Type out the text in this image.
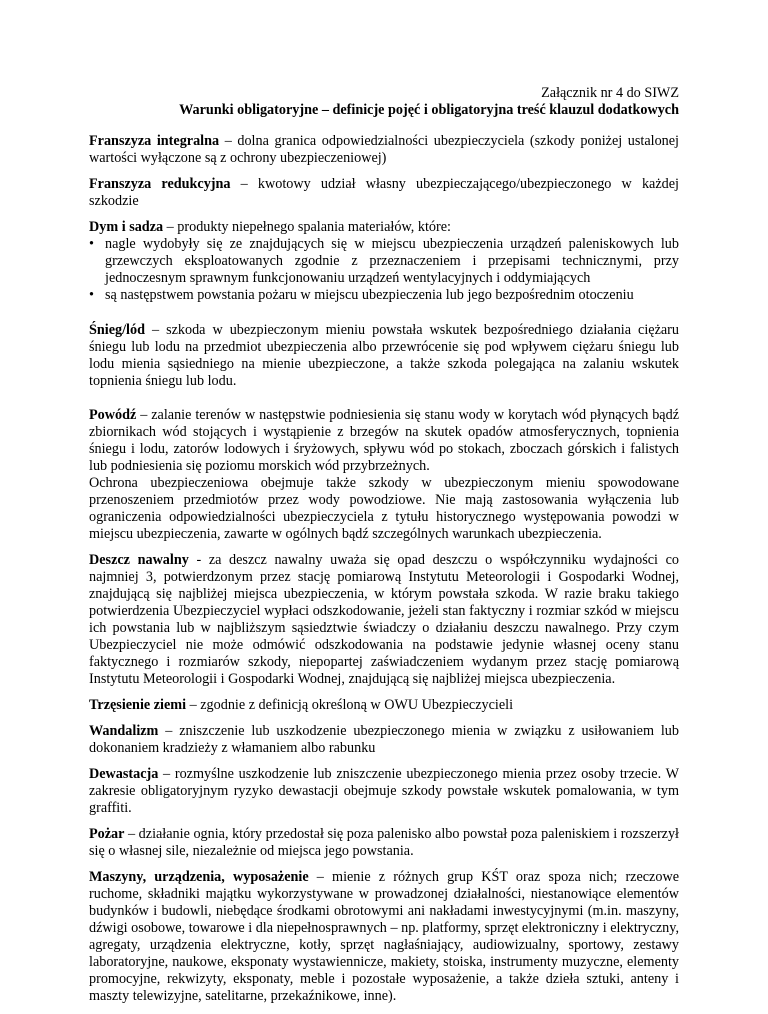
Załącznik nr 4 do SIWZ

Warunki obligatoryjne – definicje pojęć i obligatoryjna treść klauzul dodatkowych

Franszyza integralna – dolna granica odpowiedzialności ubezpieczyciela (szkody poniżej ustalonej wartości wyłączone są z ochrony ubezpieczeniowej)

Franszyza redukcyjna – kwotowy udział własny ubezpieczającego/ubezpieczonego w każdej szkodzie

Dym i sadza – produkty niepełnego spalania materiałów, które:

• nagle wydobyły się ze znajdujących się w miejscu ubezpieczenia urządzeń paleniskowych lub grzewczych eksploatowanych zgodnie z przeznaczeniem i przepisami technicznymi, przy jednoczesnym sprawnym funkcjonowaniu urządzeń wentylacyjnych i oddymiających
• są następstwem powstania pożaru w miejscu ubezpieczenia lub jego bezpośrednim otoczeniu

Śnieg/lód – szkoda w ubezpieczonym mieniu powstała wskutek bezpośredniego działania ciężaru śniegu lub lodu na przedmiot ubezpieczenia albo przewrócenie się pod wpływem ciężaru śniegu lub lodu mienia sąsiedniego na mienie ubezpieczone, a także szkoda polegająca na zalaniu wskutek topnienia śniegu lub lodu.

Powódź – zalanie terenów w następstwie podniesienia się stanu wody w korytach wód płynących bądź zbiornikach wód stojących i wystąpienie z brzegów na skutek opadów atmosferycznych, topnienia śniegu i lodu, zatorów lodowych i śryżowych, spływu wód po stokach, zboczach górskich i falistych lub podniesienia się poziomu morskich wód przybrzeżnych.

Ochrona ubezpieczeniowa obejmuje także szkody w ubezpieczonym mieniu spowodowane przenoszeniem przedmiotów przez wody powodziowe. Nie mają zastosowania wyłączenia lub ograniczenia odpowiedzialności ubezpieczyciela z tytułu historycznego występowania powodzi w miejscu ubezpieczenia, zawarte w ogólnych bądź szczególnych warunkach ubezpieczenia.

Deszcz nawalny - za deszcz nawalny uważa się opad deszczu o współczynniku wydajności co najmniej 3, potwierdzonym przez stację pomiarową Instytutu Meteorologii i Gospodarki Wodnej, znajdującą się najbliżej miejsca ubezpieczenia, w którym powstała szkoda. W razie braku takiego potwierdzenia Ubezpieczyciel wypłaci odszkodowanie, jeżeli stan faktyczny i rozmiar szkód w miejscu ich powstania lub w najbliższym sąsiedztwie świadczy o działaniu deszczu nawalnego. Przy czym Ubezpieczyciel nie może odmówić odszkodowania na podstawie jedynie własnej oceny stanu faktycznego i rozmiarów szkody, niepopartej zaświadczeniem wydanym przez stację pomiarową Instytutu Meteorologii i Gospodarki Wodnej, znajdującą się najbliżej miejsca ubezpieczenia.

Trzęsienie ziemi – zgodnie z definicją określoną w OWU Ubezpieczycieli

Wandalizm – zniszczenie lub uszkodzenie ubezpieczonego mienia w związku z usiłowaniem lub dokonaniem kradzieży z włamaniem albo rabunku

Dewastacja – rozmyślne uszkodzenie lub zniszczenie ubezpieczonego mienia przez osoby trzecie. W zakresie obligatoryjnym ryzyko dewastacji obejmuje szkody powstałe wskutek pomalowania, w tym graffiti.

Pożar – działanie ognia, który przedostał się poza palenisko albo powstał poza paleniskiem i rozszerzył się o własnej sile, niezależnie od miejsca jego powstania.

Maszyny, urządzenia, wyposażenie – mienie z różnych grup KŚT oraz spoza nich; rzeczowe ruchome, składniki majątku wykorzystywane w prowadzonej działalności, niestanowiące elementów budynków i budowli, niebędące środkami obrotowymi ani nakładami inwestycyjnymi (m.in. maszyny, dźwigi osobowe, towarowe i dla niepełnosprawnych – np. platformy, sprzęt elektroniczny i elektryczny, agregaty, urządzenia elektryczne, kotły, sprzęt nagłaśniający, audiowizualny, sportowy, zestawy laboratoryjne, naukowe, eksponaty wystawiennicze, makiety, stoiska, instrumenty muzyczne, elementy promocyjne, rekwizyty, eksponaty, meble i pozostałe wyposażenie, a także dzieła sztuki, anteny i maszty telewizyjne, satelitarne, przekaźnikowe, inne).
